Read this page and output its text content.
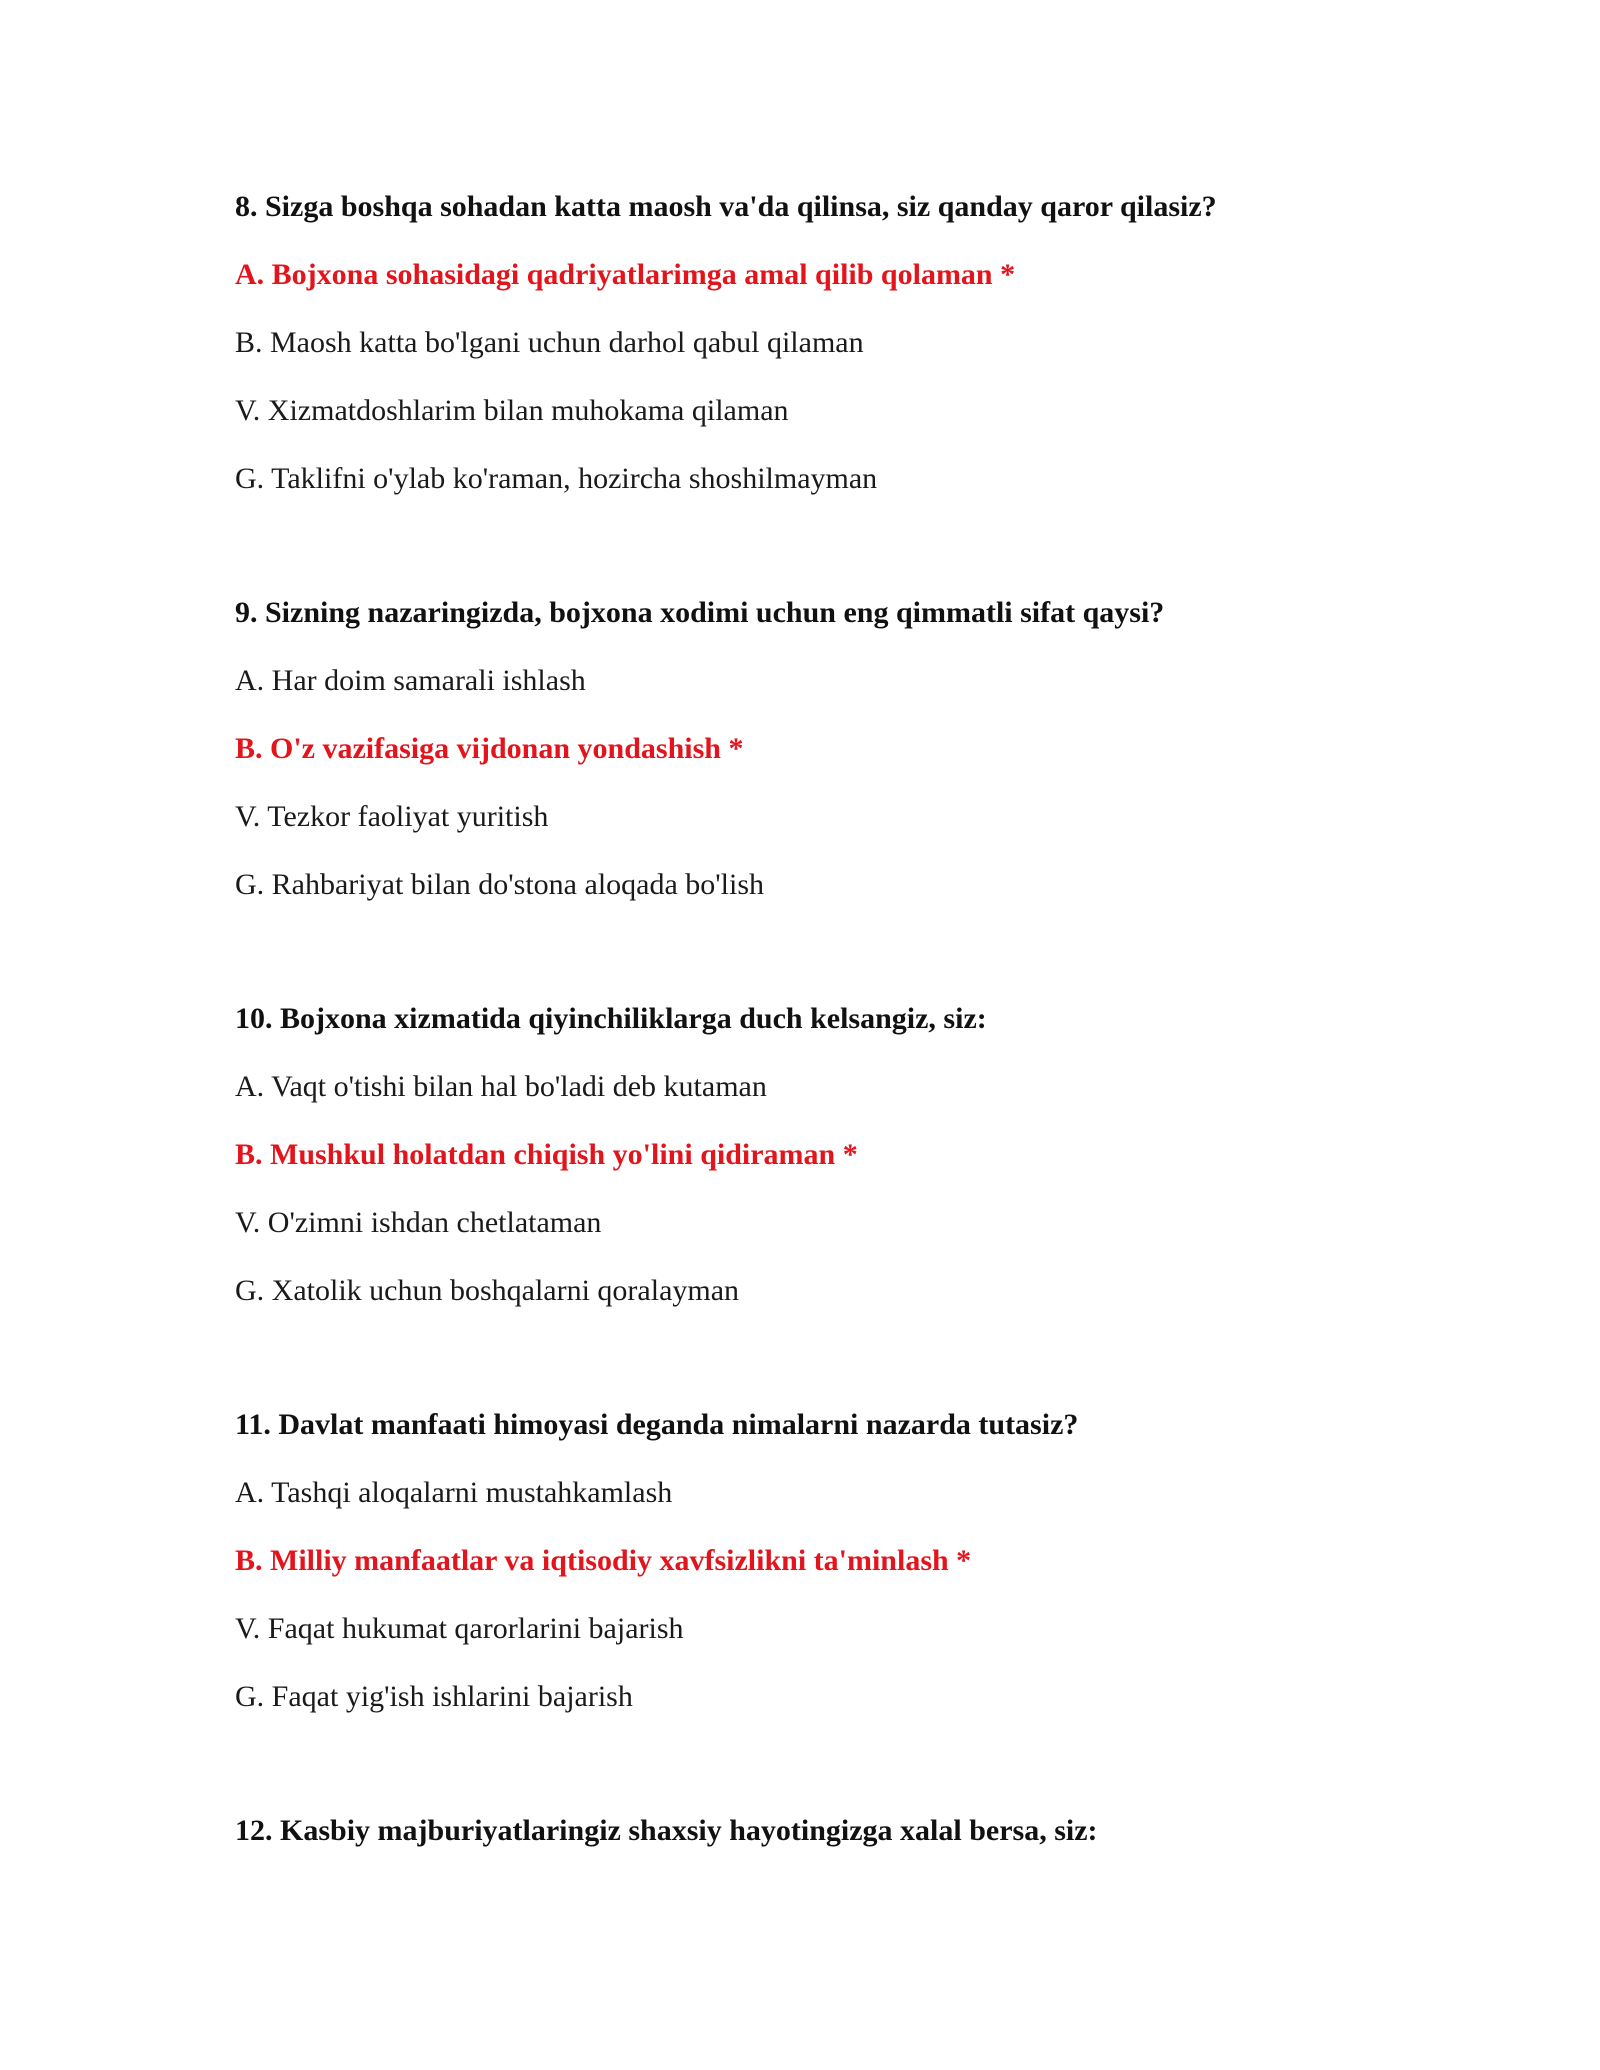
8. Sizga boshqa sohadan katta maosh va'da qilinsa, siz qanday qaror qilasiz?
A. Bojxona sohasidagi qadriyatlarimga amal qilib qolaman *
B. Maosh katta bo'lgani uchun darhol qabul qilaman
V. Xizmatdoshlarim bilan muhokama qilaman
G. Taklifni o'ylab ko'raman, hozircha shoshilmayman
9. Sizning nazaringizda, bojxona xodimi uchun eng qimmatli sifat qaysi?
A. Har doim samarali ishlash
B. O'z vazifasiga vijdonan yondashish *
V. Tezkor faoliyat yuritish
G. Rahbariyat bilan do'stona aloqada bo'lish
10. Bojxona xizmatida qiyinchiliklarga duch kelsangiz, siz:
A. Vaqt o'tishi bilan hal bo'ladi deb kutaman
B. Mushkul holatdan chiqish yo'lini qidiraman *
V. O'zimni ishdan chetlataman
G. Xatolik uchun boshqalarni qoralayman
11. Davlat manfaati himoyasi deganda nimalarni nazarda tutasiz?
A. Tashqi aloqalarni mustahkamlash
B. Milliy manfaatlar va iqtisodiy xavfsizlikni ta'minlash *
V. Faqat hukumat qarorlarini bajarish
G. Faqat yig'ish ishlarini bajarish
12. Kasbiy majburiyatlaringiz shaxsiy hayotingizga xalal bersa, siz:
